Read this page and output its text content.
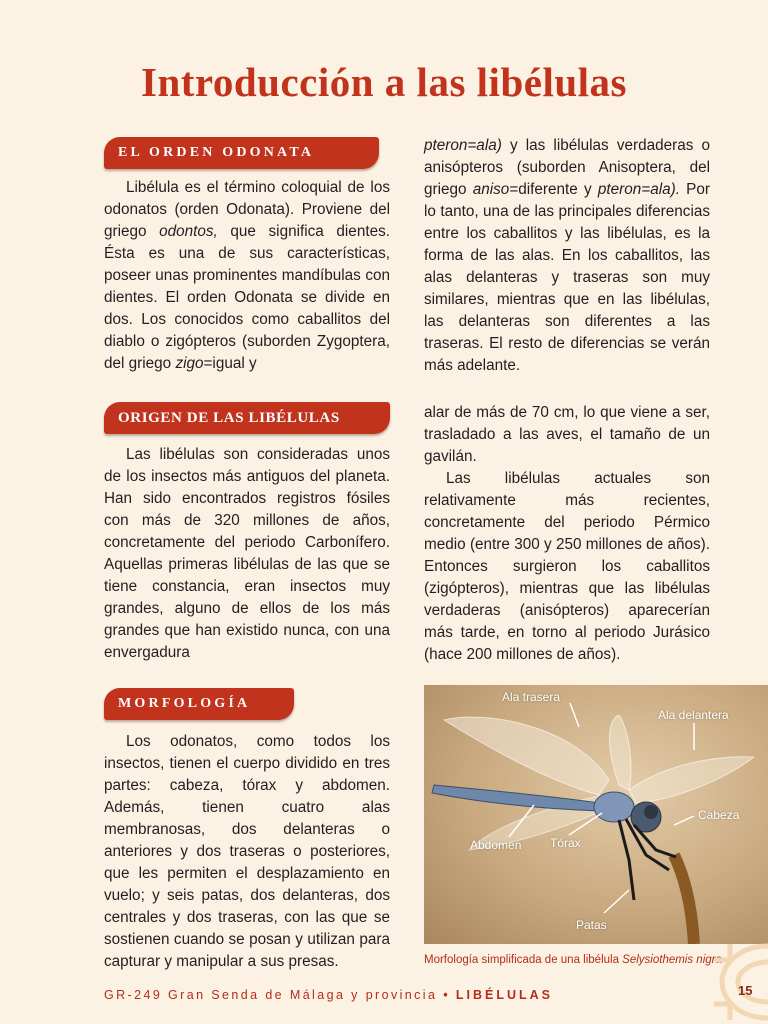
Introducción a las libélulas
EL ORDEN ODONATA

Libélula es el término coloquial de los odonatos (orden Odonata). Proviene del griego odontos, que significa dientes. Ésta es una de sus características, poseer unas prominentes mandíbulas con dientes. El orden Odonata se divide en dos. Los conocidos como caballitos del diablo o zigópteros (suborden Zygoptera, del griego zigo=igual y

pteron=ala) y las libélulas verdaderas o anisópteros (suborden Anisoptera, del griego aniso=diferente y pteron=ala). Por lo tanto, una de las principales diferencias entre los caballitos y las libélulas, es la forma de las alas. En los caballitos, las alas delanteras y traseras son muy similares, mientras que en las libélulas, las delanteras son diferentes a las traseras. El resto de diferencias se verán más adelante.

ORIGEN DE LAS LIBÉLULAS

Las libélulas son consideradas unos de los insectos más antiguos del planeta. Han sido encontrados registros fósiles con más de 320 millones de años, concretamente del periodo Carbonífero. Aquellas primeras libélulas de las que se tiene constancia, eran insectos muy grandes, alguno de ellos de los más grandes que han existido nunca, con una envergadura

alar de más de 70 cm, lo que viene a ser, trasladado a las aves, el tamaño de un gavilán.

Las libélulas actuales son relativamente más recientes, concretamente del periodo Pérmico medio (entre 300 y 250 millones de años). Entonces surgieron los caballitos (zigópteros), mientras que las libélulas verdaderas (anisópteros) aparecerían más tarde, en torno al periodo Jurásico (hace 200 millones de años).

MORFOLOGÍA

Los odonatos, como todos los insectos, tienen el cuerpo dividido en tres partes: cabeza, tórax y abdomen. Además, tienen cuatro alas membranosas, dos delanteras o anteriores y dos traseras o posteriores, que les permiten el desplazamiento en vuelo; y seis patas, dos delanteras, dos centrales y dos traseras, con las que se sostienen cuando se posan y utilizan para capturar y manipular a sus presas.

Ala trasera
Ala delantera
Cabeza
Abdomen Tórax
Patas
Morfología simplificada de una libélula Selysiothemis nigra
GR-249 Gran Senda de Málaga y provincia • LIBÉLULAS	15
